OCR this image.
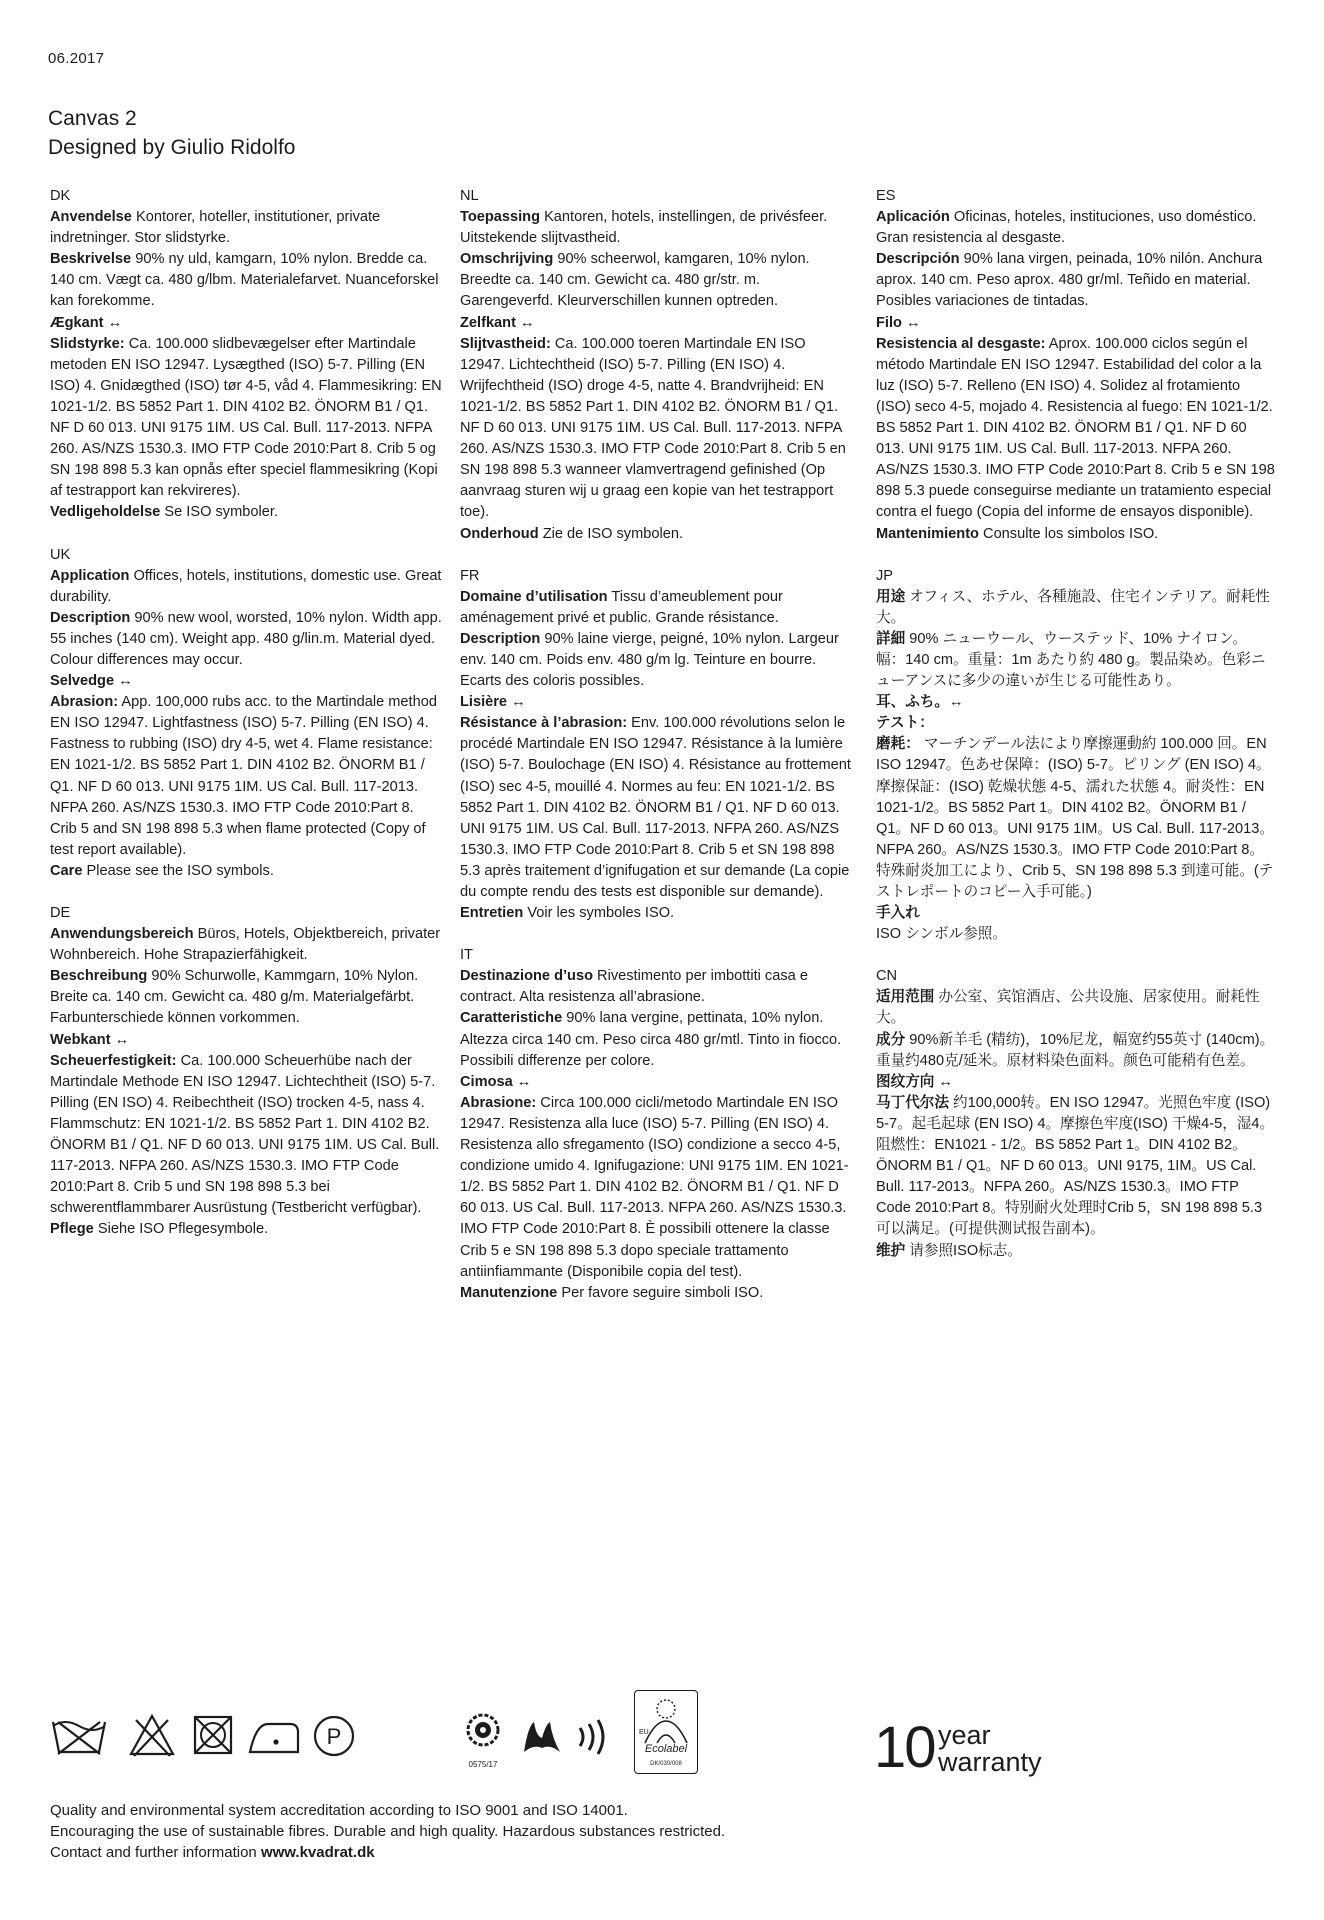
06.2017
Canvas 2
Designed by Giulio Ridolfo
DK
Anvendelse Kontorer, hoteller, institutioner, private indretninger. Stor slidstyrke.
Beskrivelse 90% ny uld, kamgarn, 10% nylon. Bredde ca. 140 cm. Vægt ca. 480 g/lbm. Materialefarvet. Nuanceforskel kan forekomme.
Ægkant ↔
Slidstyrke: Ca. 100.000 slidbevægelser efter Martindale metoden EN ISO 12947. Lysægthed (ISO) 5-7. Pilling (EN ISO) 4. Gnidægthed (ISO) tør 4-5, våd 4. Flammesikring: EN 1021-1/2. BS 5852 Part 1. DIN 4102 B2. ÖNORM B1 / Q1. NF D 60 013. UNI 9175 1IM. US Cal. Bull. 117-2013. NFPA 260. AS/NZS 1530.3. IMO FTP Code 2010:Part 8. Crib 5 og SN 198 898 5.3 kan opnås efter speciel flammesikring (Kopi af testrapport kan rekvireres).
Vedligeholdelse Se ISO symboler.
UK
Application Offices, hotels, institutions, domestic use. Great durability.
Description 90% new wool, worsted, 10% nylon. Width app. 55 inches (140 cm). Weight app. 480 g/lin.m. Material dyed. Colour differences may occur.
Selvedge ↔
Abrasion: App. 100,000 rubs acc. to the Martindale method EN ISO 12947. Lightfastness (ISO) 5-7. Pilling (EN ISO) 4. Fastness to rubbing (ISO) dry 4-5, wet 4. Flame resistance: EN 1021-1/2. BS 5852 Part 1. DIN 4102 B2. ÖNORM B1 / Q1. NF D 60 013. UNI 9175 1IM. US Cal. Bull. 117-2013. NFPA 260. AS/NZS 1530.3. IMO FTP Code 2010:Part 8. Crib 5 and SN 198 898 5.3 when flame protected (Copy of test report available).
Care Please see the ISO symbols.
DE
Anwendungsbereich Büros, Hotels, Objektbereich, privater Wohnbereich. Hohe Strapazierfähigkeit.
Beschreibung 90% Schurwolle, Kammgarn, 10% Nylon. Breite ca. 140 cm. Gewicht ca. 480 g/m. Materialgefärbt. Farbunterschiede können vorkommen.
Webkant ↔
Scheuerfestigkeit: Ca. 100.000 Scheuerhübe nach der Martindale Methode EN ISO 12947. Lichtechtheit (ISO) 5-7. Pilling (EN ISO) 4. Reibechtheit (ISO) trocken 4-5, nass 4. Flammschutz: EN 1021-1/2. BS 5852 Part 1. DIN 4102 B2. ÖNORM B1 / Q1. NF D 60 013. UNI 9175 1IM. US Cal. Bull. 117-2013. NFPA 260. AS/NZS 1530.3. IMO FTP Code 2010:Part 8. Crib 5 und SN 198 898 5.3 bei schwerentflammbarer Ausrüstung (Testbericht verfügbar).
Pflege Siehe ISO Pflegesymbole.
NL
Toepassing Kantoren, hotels, instellingen, de privésfeer. Uitstekende slijtvastheid.
Omschrijving 90% scheerwol, kamgaren, 10% nylon. Breedte ca. 140 cm. Gewicht ca. 480 gr/str. m. Garengeverfd. Kleurverschillen kunnen optreden.
Zelfkant ↔
Slijtvastheid: Ca. 100.000 toeren Martindale EN ISO 12947. Lichtechtheid (ISO) 5-7. Pilling (EN ISO) 4. Wrijfechtheid (ISO) droge 4-5, natte 4. Brandvrijheid: EN 1021-1/2. BS 5852 Part 1. DIN 4102 B2. ÖNORM B1 / Q1. NF D 60 013. UNI 9175 1IM. US Cal. Bull. 117-2013. NFPA 260. AS/NZS 1530.3. IMO FTP Code 2010:Part 8. Crib 5 en SN 198 898 5.3 wanneer vlamvertragend gefinished (Op aanvraag sturen wij u graag een kopie van het testrapport toe).
Onderhoud Zie de ISO symbolen.
FR
Domaine d’utilisation Tissu d’ameublement pour aménagement privé et public. Grande résistance.
Description 90% laine vierge, peigné, 10% nylon. Largeur env. 140 cm. Poids env. 480 g/m lg. Teinture en bourre. Ecarts des coloris possibles.
Lisière ↔
Résistance à l’abrasion: Env. 100.000 révolutions selon le procédé Martindale EN ISO 12947. Résistance à la lumière (ISO) 5-7. Boulochage (EN ISO) 4. Résistance au frottement (ISO) sec 4-5, mouillé 4. Normes au feu: EN 1021-1/2. BS 5852 Part 1. DIN 4102 B2. ÖNORM B1 / Q1. NF D 60 013. UNI 9175 1IM. US Cal. Bull. 117-2013. NFPA 260. AS/NZS 1530.3. IMO FTP Code 2010:Part 8. Crib 5 et SN 198 898 5.3 après traitement d’ignifugation et sur demande (La copie du compte rendu des tests est disponible sur demande).
Entretien Voir les symboles ISO.
IT
Destinazione d’uso Rivestimento per imbottiti casa e contract. Alta resistenza all’abrasione.
Caratteristiche 90% lana vergine, pettinata, 10% nylon. Altezza circa 140 cm. Peso circa 480 gr/mtl. Tinto in fiocco. Possibili differenze per colore.
Cimosa ↔
Abrasione: Circa 100.000 cicli/metodo Martindale EN ISO 12947. Resistenza alla luce (ISO) 5-7. Pilling (EN ISO) 4. Resistenza allo sfregamento (ISO) condizione a secco 4-5, condizione umido 4. Ignifugazione: UNI 9175 1IM. EN 1021-1/2. BS 5852 Part 1. DIN 4102 B2. ÖNORM B1 / Q1. NF D 60 013. US Cal. Bull. 117-2013. NFPA 260. AS/NZS 1530.3. IMO FTP Code 2010:Part 8. È possibili ottenere la classe Crib 5 e SN 198 898 5.3 dopo speciale trattamento antiinfiammante (Disponibile copia del test).
Manutenzione Per favore seguire simboli ISO.
ES
Aplicación Oficinas, hoteles, instituciones, uso doméstico. Gran resistencia al desgaste.
Descripción 90% lana virgen, peinada, 10% nilón. Anchura aprox. 140 cm. Peso aprox. 480 gr/ml. Teñido en material. Posibles variaciones de tintadas.
Filo ↔
Resistencia al desgaste: Aprox. 100.000 ciclos según el método Martindale EN ISO 12947. Estabilidad del color a la luz (ISO) 5-7. Relleno (EN ISO) 4. Solidez al frotamiento (ISO) seco 4-5, mojado 4. Resistencia al fuego: EN 1021-1/2. BS 5852 Part 1. DIN 4102 B2. ÖNORM B1 / Q1. NF D 60 013. UNI 9175 1IM. US Cal. Bull. 117-2013. NFPA 260. AS/NZS 1530.3. IMO FTP Code 2010:Part 8. Crib 5 e SN 198 898 5.3 puede conseguirse mediante un tratamiento especial contra el fuego (Copia del informe de ensayos disponible).
Mantenimiento Consulte los simbolos ISO.
JP
用途 オフィス、ホテル、各種施設、住宅インテリア。耐耗性大。
詳細 90% ニューウール、ウーステッド、10% ナイロン。幅：140 cm。重量：1m あたり約 480 g。製品染め。色彩ニューアンスに多少の違いが生じる可能性あり。
耳、ふち。↔
テスト：
磨耗： マーチンデール法により摩擦運動約 100.000 回。EN ISO 12947。色あせ保障：(ISO) 5-7。ピリング (EN ISO) 4。摩擦保証：(ISO) 乾燥状態 4-5、濡れた状態 4。耐炎性：EN 1021-1/2。BS 5852 Part 1。DIN 4102 B2。ÖNORM B1 / Q1。NF D 60 013。UNI 9175 1IM。US Cal. Bull. 117-2013。NFPA 260。AS/NZS 1530.3。IMO FTP Code 2010:Part 8。特殊耐炎加工により、Crib 5、SN 198 898 5.3 到達可能。(テストレポートのコピー入手可能。)
手入れ
ISO シンボル参照。
CN
适用范围 办公室、宾馆酒店、公共设施、居家使用。耐耗性大。
成分 90%新羊毛 (精纺)，10%尼龙，幅宽约55英寸 (140cm)。重量约480克/延米。原材料染色面料。颜色可能稍有色差。
图纹方向 ↔
马丁代尔法 约100,000转。EN ISO 12947。光照色牢度 (ISO) 5-7。起毛起球 (EN ISO) 4。摩擦色牢度(ISO) 干燥4-5，湿4。阻燃性：EN1021 - 1/2。BS 5852 Part 1。DIN 4102 B2。ÖNORM B1 / Q1。NF D 60 013。UNI 9175, 1IM。US Cal. Bull. 117-2013。NFPA 260。AS/NZS 1530.3。IMO FTP Code 2010:Part 8。特别耐火处理时Crib 5，SN 198 898 5.3 可以满足。(可提供测试报告副本)。
维护 请参照ISO标志。
P
0575/17
EU
Ecolabel
DK/030/008	10 year
warranty
Quality and environmental system accreditation according to ISO 9001 and ISO 14001.
Encouraging the use of sustainable fibres. Durable and high quality. Hazardous substances restricted.
Contact and further information www.kvadrat.dk
